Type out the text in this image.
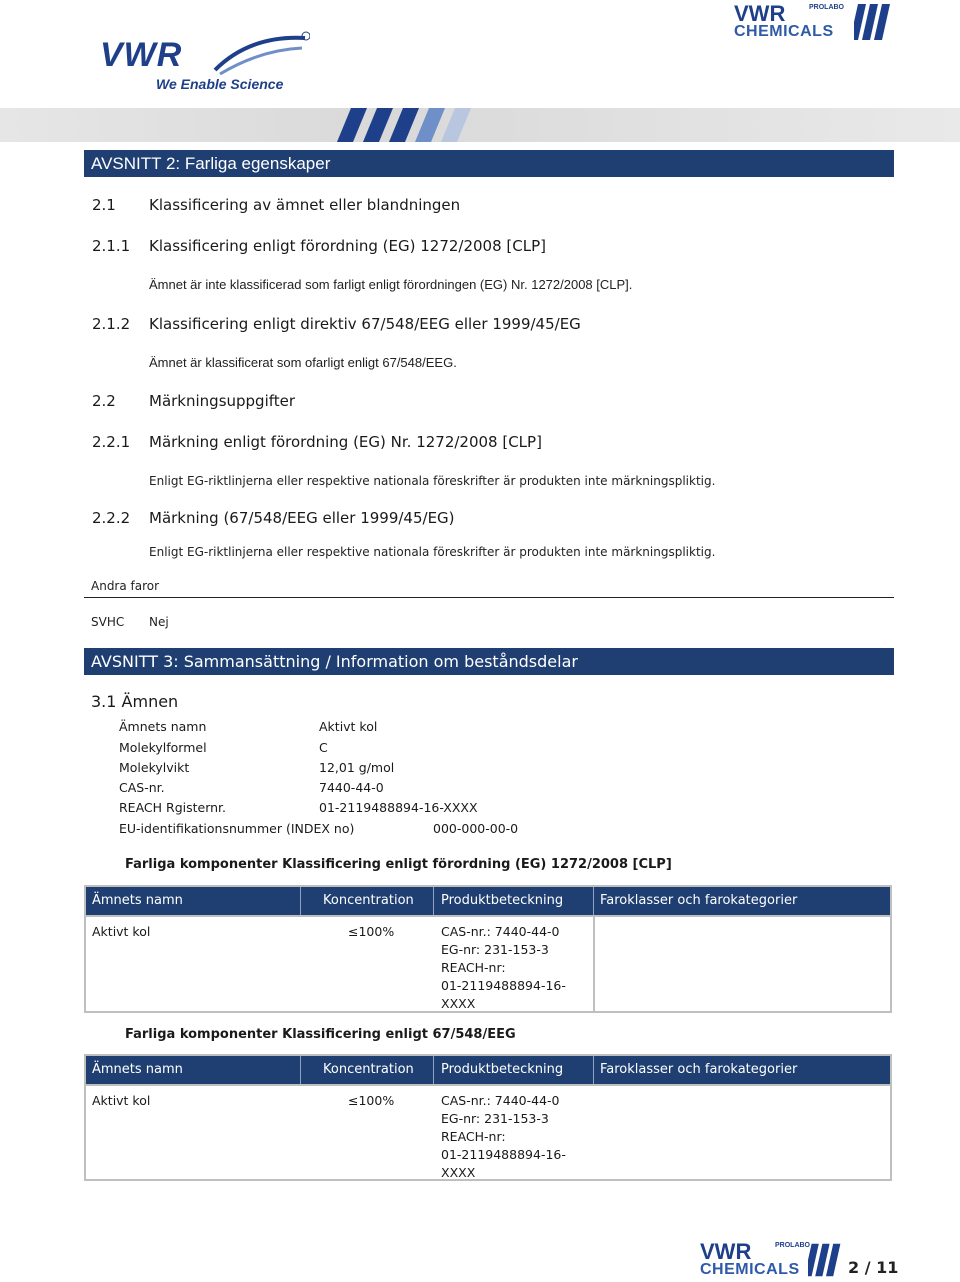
VWR
We Enable Science
VWR
CHEMICALS
PROLABO
AVSNITT 2: Farliga egenskaper
2.1 Klassificering av ämnet eller blandningen
2.1.1 Klassificering enligt förordning (EG) 1272/2008 [CLP]
Ämnet är inte klassificerad som farligt enligt förordningen (EG) Nr. 1272/2008 [CLP].
2.1.2 Klassificering enligt direktiv 67/548/EEG eller 1999/45/EG
Ämnet är klassificerat som ofarligt enligt 67/548/EEG.
2.2 Märkningsuppgifter
2.2.1 Märkning enligt förordning (EG) Nr. 1272/2008 [CLP]
Enligt EG-riktlinjerna eller respektive nationala föreskrifter är produkten inte märkningspliktig.
2.2.2 Märkning (67/548/EEG eller 1999/45/EG)
Enligt EG-riktlinjerna eller respektive nationala föreskrifter är produkten inte märkningspliktig.
Andra faror
SVHC Nej
AVSNITT 3: Sammansättning / Information om beståndsdelar
3.1 Ämnen
Ämnets namn	Aktivt kol
Molekylformel	C
Molekylvikt	12,01 g/mol
CAS-nr.	7440-44-0
REACH Rgisternr.	01-2119488894-16-XXXX
EU-identifikationsnummer (INDEX no)	000-000-00-0
Farliga komponenter Klassificering enligt förordning (EG) 1272/2008 [CLP]
Ämnets namn	Koncentration Produktbeteckning	Faroklasser och farokategorier
Aktivt kol	≤100%	CAS-nr.: 7440-44-0
EG-nr: 231-153-3
REACH-nr:
01-2119488894-16-
XXXX
Farliga komponenter Klassificering enligt 67/548/EEG
Ämnets namn	Koncentration Produktbeteckning	Faroklasser och farokategorier
Aktivt kol	≤100%	CAS-nr.: 7440-44-0
EG-nr: 231-153-3
REACH-nr:
01-2119488894-16-
XXXX
VWR
CHEMICALS
PROLABO
2 / 11
